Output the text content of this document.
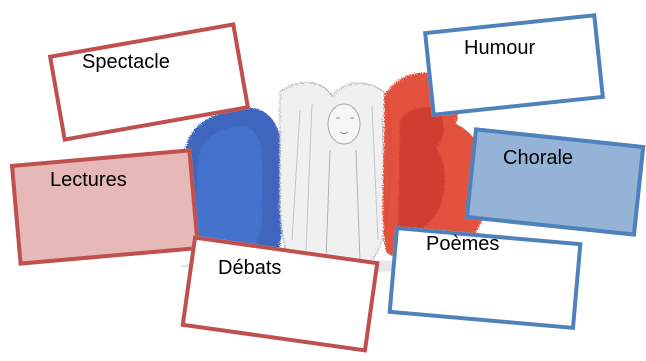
Spectacle
Humour
Chorale
Lectures
Débats
Poèmes
